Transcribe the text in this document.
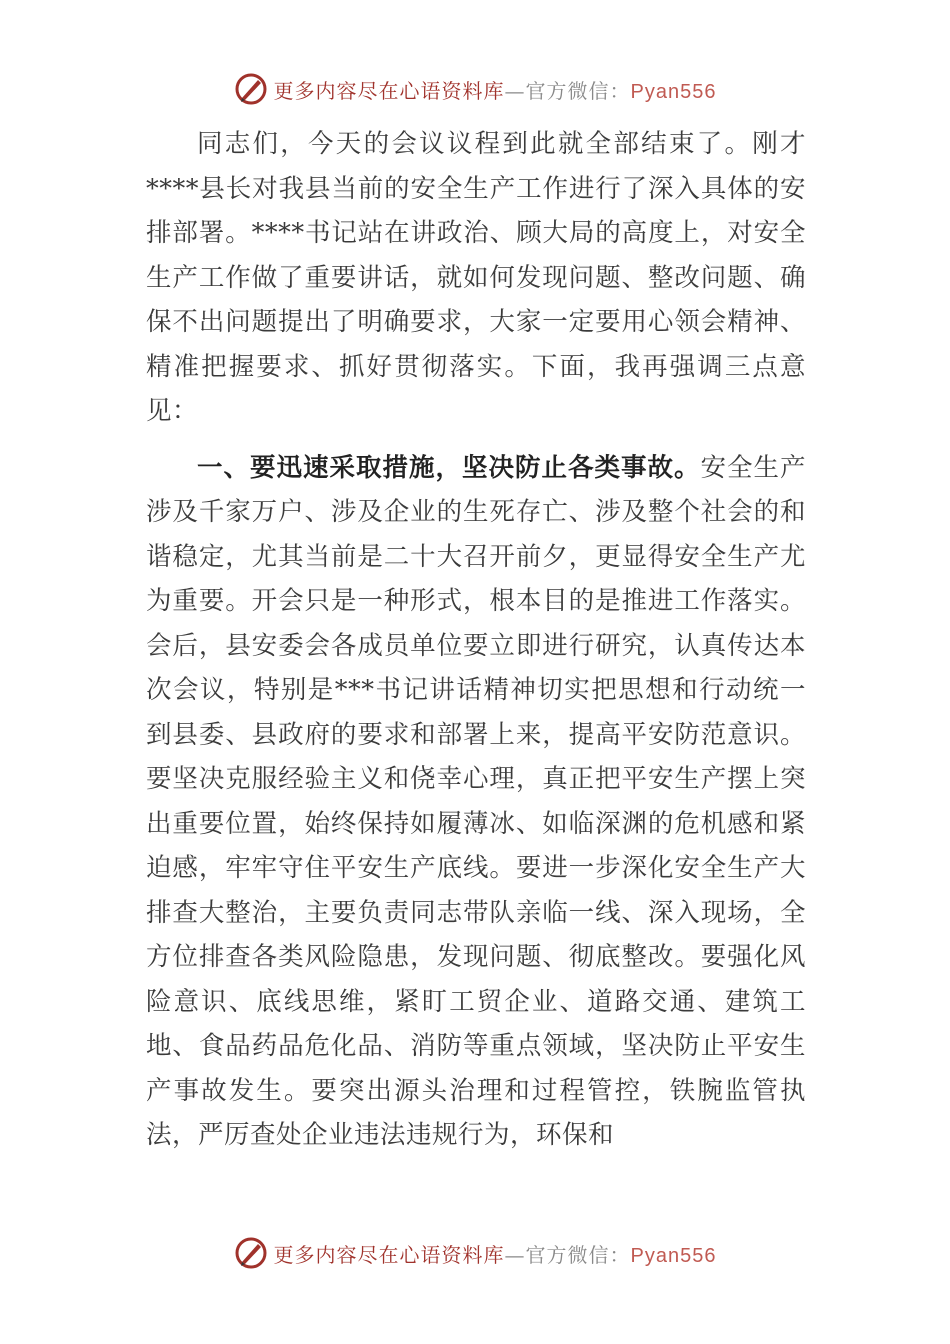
更多内容尽在心语资料库—官方微信：Pyan556

同志们，今天的会议议程到此就全部结束了。刚才****县长对我县当前的安全生产工作进行了深入具体的安排部署。****书记站在讲政治、顾大局的高度上，对安全生产工作做了重要讲话，就如何发现问题、整改问题、确保不出问题提出了明确要求，大家一定要用心领会精神、精准把握要求、抓好贯彻落实。下面，我再强调三点意见：

一、要迅速采取措施，坚决防止各类事故。安全生产涉及千家万户、涉及企业的生死存亡、涉及整个社会的和谐稳定，尤其当前是二十大召开前夕，更显得安全生产尤为重要。开会只是一种形式，根本目的是推进工作落实。会后，县安委会各成员单位要立即进行研究，认真传达本次会议，特别是***书记讲话精神切实把思想和行动统一到县委、县政府的要求和部署上来，提高平安防范意识。要坚决克服经验主义和侥幸心理，真正把平安生产摆上突出重要位置，始终保持如履薄冰、如临深渊的危机感和紧迫感，牢牢守住平安生产底线。要进一步深化安全生产大排查大整治，主要负责同志带队亲临一线、深入现场，全方位排查各类风险隐患，发现问题、彻底整改。要强化风险意识、底线思维，紧盯工贸企业、道路交通、建筑工地、食品药品危化品、消防等重点领域，坚决防止平安生产事故发生。要突出源头治理和过程管控，铁腕监管执法，严厉查处企业违法违规行为，环保和

更多内容尽在心语资料库—官方微信：Pyan556
